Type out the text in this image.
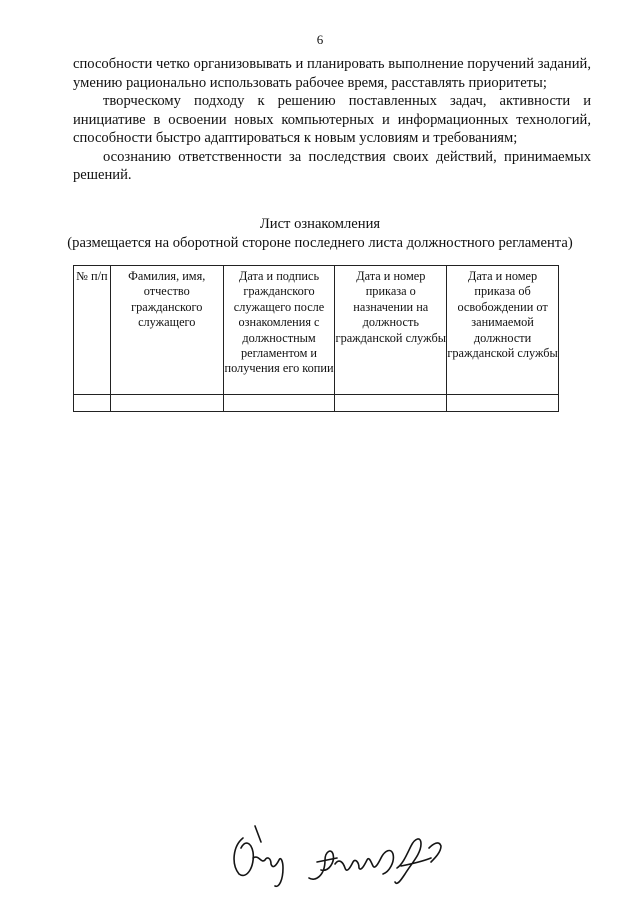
6

способности четко организовывать и планировать выполнение поручений заданий, умению рационально использовать рабочее время, расставлять приоритеты;

творческому подходу к решению поставленных задач, активности и инициативе в освоении новых компьютерных и информационных технологий, способности быстро адаптироваться к новым условиям и требованиям;

осознанию ответственности за последствия своих действий, принимаемых решений.

Лист ознакомления
(размещается на оборотной стороне последнего листа должностного регламента)
№ п/п	Фамилия, имя, отчество гражданского служащего	Дата и подпись гражданского служащего после ознакомления с должностным регламентом и получения его копии	Дата и номер приказа о назначении на должность гражданской службы	Дата и номер приказа об освобождении от занимаемой должности гражданской службы
